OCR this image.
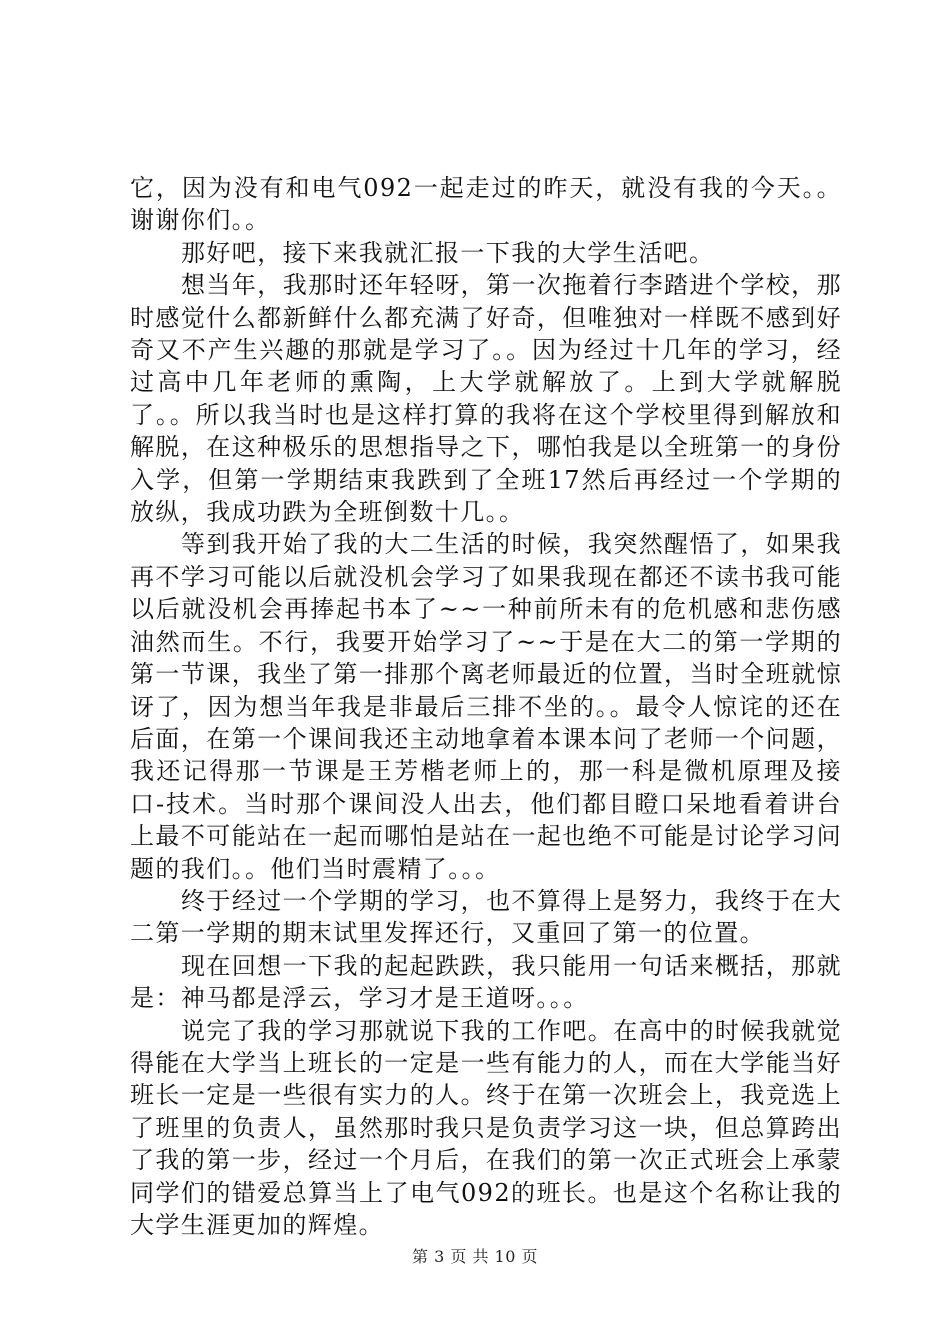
它，因为没有和电气092一起走过的昨天，就没有我的今天。。谢谢你们。。

那好吧，接下来我就汇报一下我的大学生活吧。

想当年，我那时还年轻呀，第一次拖着行李踏进个学校，那时感觉什么都新鲜什么都充满了好奇，但唯独对一样既不感到好奇又不产生兴趣的那就是学习了。。因为经过十几年的学习，经过高中几年老师的熏陶，上大学就解放了。上到大学就解脱了。。所以我当时也是这样打算的我将在这个学校里得到解放和解脱，在这种极乐的思想指导之下，哪怕我是以全班第一的身份入学，但第一学期结束我跌到了全班17然后再经过一个学期的放纵，我成功跌为全班倒数十几。。

等到我开始了我的大二生活的时候，我突然醒悟了，如果我再不学习可能以后就没机会学习了如果我现在都还不读书我可能以后就没机会再捧起书本了~~一种前所未有的危机感和悲伤感油然而生。不行，我要开始学习了~~于是在大二的第一学期的第一节课，我坐了第一排那个离老师最近的位置，当时全班就惊讶了，因为想当年我是非最后三排不坐的。。最令人惊诧的还在后面，在第一个课间我还主动地拿着本课本问了老师一个问题，我还记得那一节课是王芳楷老师上的，那一科是微机原理及接口-技术。当时那个课间没人出去，他们都目瞪口呆地看着讲台上最不可能站在一起而哪怕是站在一起也绝不可能是讨论学习问题的我们。。他们当时震精了。。。

终于经过一个学期的学习，也不算得上是努力，我终于在大二第一学期的期末试里发挥还行，又重回了第一的位置。

现在回想一下我的起起跌跌，我只能用一句话来概括，那就是：神马都是浮云，学习才是王道呀。。。

说完了我的学习那就说下我的工作吧。在高中的时候我就觉得能在大学当上班长的一定是一些有能力的人，而在大学能当好班长一定是一些很有实力的人。终于在第一次班会上，我竞选上了班里的负责人，虽然那时我只是负责学习这一块，但总算跨出了我的第一步，经过一个月后，在我们的第一次正式班会上承蒙同学们的错爱总算当上了电气092的班长。也是这个名称让我的大学生涯更加的辉煌。

第 3 页 共 10 页
